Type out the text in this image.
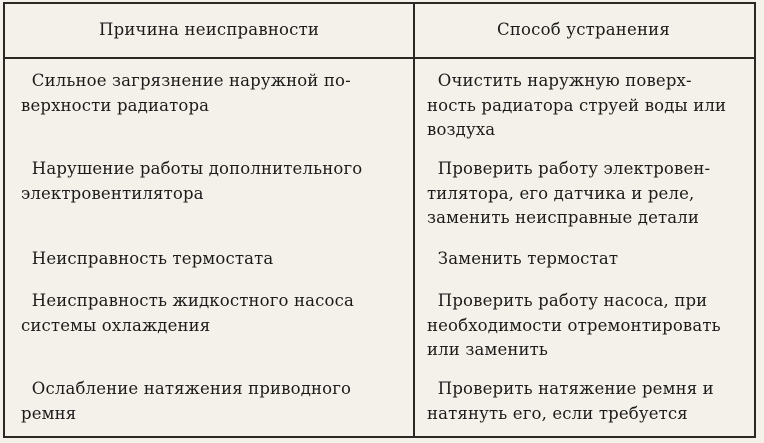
Причина неисправности	Способ устранения
Сильное загрязнение наружной по-
верхности радиатора
Очистить наружную поверх-
ность радиатора струей воды или
воздуха
Нарушение работы дополнительного
электровентилятора
Проверить работу электровен-
тилятора, его датчика и реле,
заменить неисправные детали
Неисправность термостата	Заменить термостат
Неисправность жидкостного насоса
системы охлаждения
Проверить работу насоса, при
необходимости отремонтировать
или заменить
Ослабление натяжения приводного
ремня
Проверить натяжение ремня и
натянуть его, если требуется
